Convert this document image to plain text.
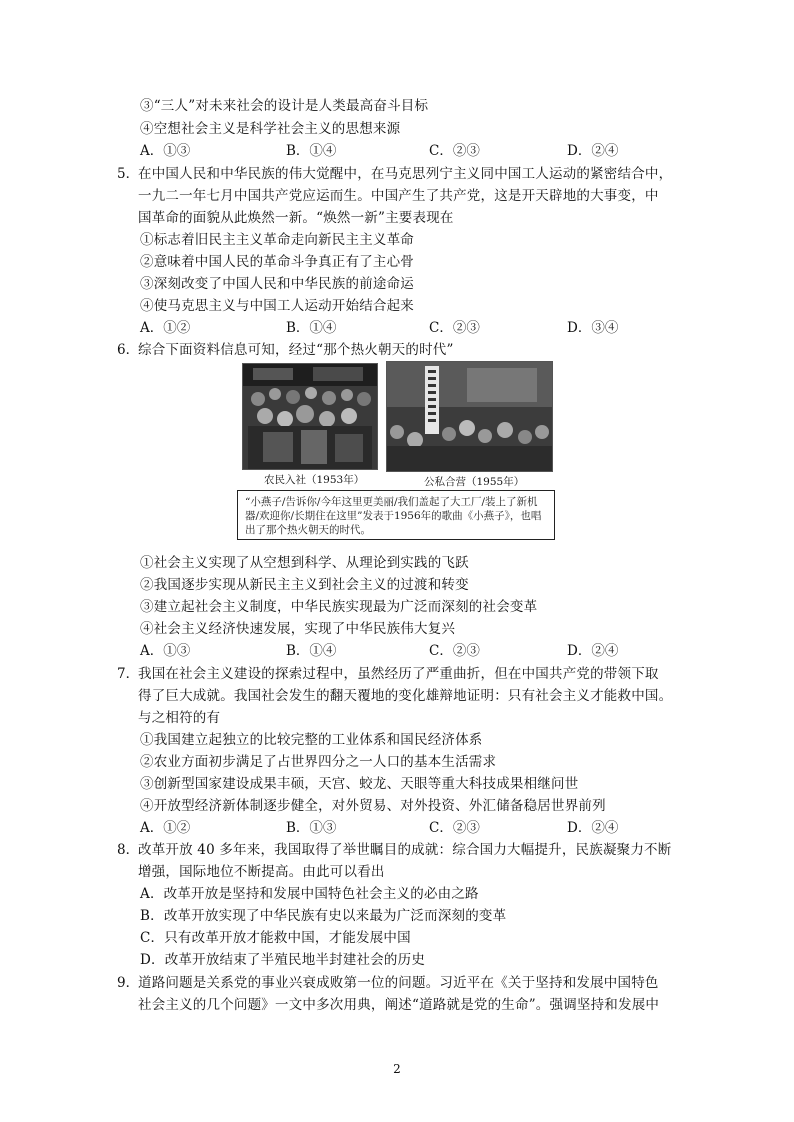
③“三人”对未来社会的设计是人类最高奋斗目标
④空想社会主义是科学社会主义的思想来源
A．①③	B．①④	C．②③	D．②④
5．
在中国人民和中华民族的伟大觉醒中，在马克思列宁主义同中国工人运动的紧密结合中，
一九二一年七月中国共产党应运而生。中国产生了共产党，这是开天辟地的大事变，中
国革命的面貌从此焕然一新。“焕然一新”主要表现在
①标志着旧民主主义革命走向新民主主义革命
②意味着中国人民的革命斗争真正有了主心骨
③深刻改变了中国人民和中华民族的前途命运
④使马克思主义与中国工人运动开始结合起来
A．①②	B．①④	C．②③	D．③④
6．
综合下面资料信息可知，经过“那个热火朝天的时代”
农民入社（1953年）	公私合营（1955年）
“小燕子/告诉你/今年这里更美丽/我们盖起了大工厂/装上了新机器/欢迎你/长期住在这里”发表于1956年的歌曲《小燕子》，也唱出了那个热火朝天的时代。
①社会主义实现了从空想到科学、从理论到实践的飞跃
②我国逐步实现从新民主主义到社会主义的过渡和转变
③建立起社会主义制度，中华民族实现最为广泛而深刻的社会变革
④社会主义经济快速发展，实现了中华民族伟大复兴
A．①③	B．①④	C．②③	D．②④
7．
我国在社会主义建设的探索过程中，虽然经历了严重曲折，但在中国共产党的带领下取
得了巨大成就。我国社会发生的翻天覆地的变化雄辩地证明：只有社会主义才能救中国。
与之相符的有
①我国建立起独立的比较完整的工业体系和国民经济体系
②农业方面初步满足了占世界四分之一人口的基本生活需求
③创新型国家建设成果丰硕，天宫、蛟龙、天眼等重大科技成果相继问世
④开放型经济新体制逐步健全，对外贸易、对外投资、外汇储备稳居世界前列
A．①②	B．①③	C．②③	D．②④
8．
改革开放 40 多年来，我国取得了举世瞩目的成就：综合国力大幅提升，民族凝聚力不断
增强，国际地位不断提高。由此可以看出
A．改革开放是坚持和发展中国特色社会主义的必由之路
B．改革开放实现了中华民族有史以来最为广泛而深刻的变革
C．只有改革开放才能救中国，才能发展中国
D．改革开放结束了半殖民地半封建社会的历史
9．
道路问题是关系党的事业兴衰成败第一位的问题。习近平在《关于坚持和发展中国特色
社会主义的几个问题》一文中多次用典，阐述“道路就是党的生命”。强调坚持和发展中
2
